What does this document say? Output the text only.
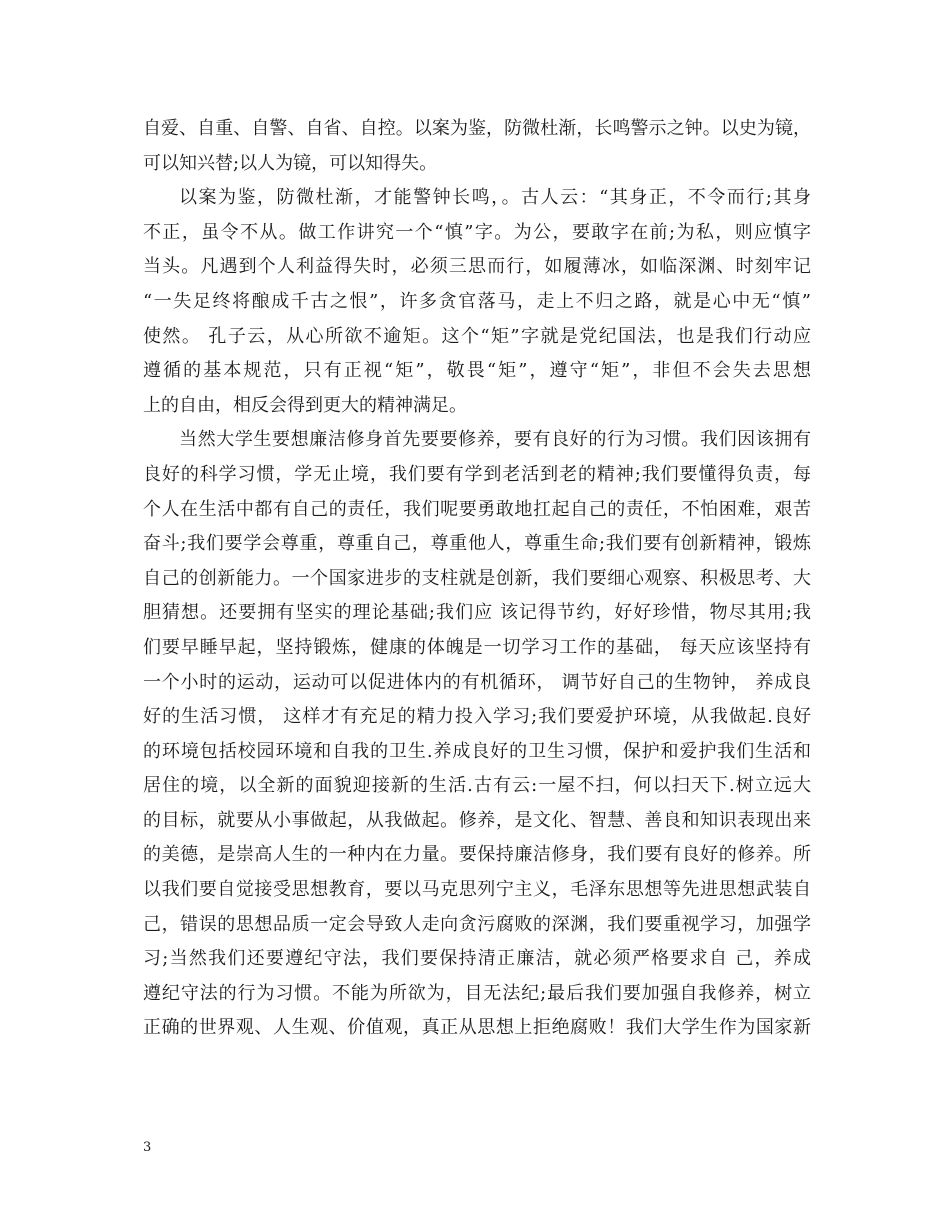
自爱、自重、自警、自省、自控。以案为鉴，防微杜渐，长鸣警示之钟。以史为镜，
可以知兴替;以人为镜，可以知得失。
以案为鉴，防微杜渐，才能警钟长鸣，。古人云：“其身正，不令而行;其身
不正，虽令不从。做工作讲究一个“慎”字。为公，要敢字在前;为私，则应慎字
当头。凡遇到个人利益得失时，必须三思而行，如履薄冰，如临深渊、时刻牢记
“一失足终将酿成千古之恨”，许多贪官落马，走上不归之路，就是心中无“慎”
使然。 孔子云，从心所欲不逾矩。这个“矩”字就是党纪国法，也是我们行动应
遵循的基本规范，只有正视“矩”，敬畏“矩”，遵守“矩”，非但不会失去思想
上的自由，相反会得到更大的精神满足。
当然大学生要想廉洁修身首先要要修养，要有良好的行为习惯。我们因该拥有
良好的科学习惯，学无止境，我们要有学到老活到老的精神;我们要懂得负责，每
个人在生活中都有自己的责任，我们呢要勇敢地扛起自己的责任，不怕困难，艰苦
奋斗;我们要学会尊重，尊重自己，尊重他人，尊重生命;我们要有创新精神，锻炼
自己的创新能力。一个国家进步的支柱就是创新，我们要细心观察、积极思考、大
胆猜想。还要拥有坚实的理论基础;我们应 该记得节约，好好珍惜，物尽其用;我
们要早睡早起，坚持锻炼，健康的体魄是一切学习工作的基础， 每天应该坚持有
一个小时的运动，运动可以促进体内的有机循环， 调节好自己的生物钟， 养成良
好的生活习惯， 这样才有充足的精力投入学习;我们要爱护环境，从我做起.良好
的环境包括校园环境和自我的卫生.养成良好的卫生习惯，保护和爱护我们生活和
居住的境，以全新的面貌迎接新的生活.古有云:一屋不扫，何以扫天下.树立远大
的目标，就要从小事做起，从我做起。修养，是文化、智慧、善良和知识表现出来
的美德，是崇高人生的一种内在力量。要保持廉洁修身，我们要有良好的修养。所
以我们要自觉接受思想教育，要以马克思列宁主义，毛泽东思想等先进思想武装自
己，错误的思想品质一定会导致人走向贪污腐败的深渊，我们要重视学习，加强学
习;当然我们还要遵纪守法，我们要保持清正廉洁，就必须严格要求自 己，养成
遵纪守法的行为习惯。不能为所欲为，目无法纪;最后我们要加强自我修养，树立
正确的世界观、人生观、价值观，真正从思想上拒绝腐败！我们大学生作为国家新
3
